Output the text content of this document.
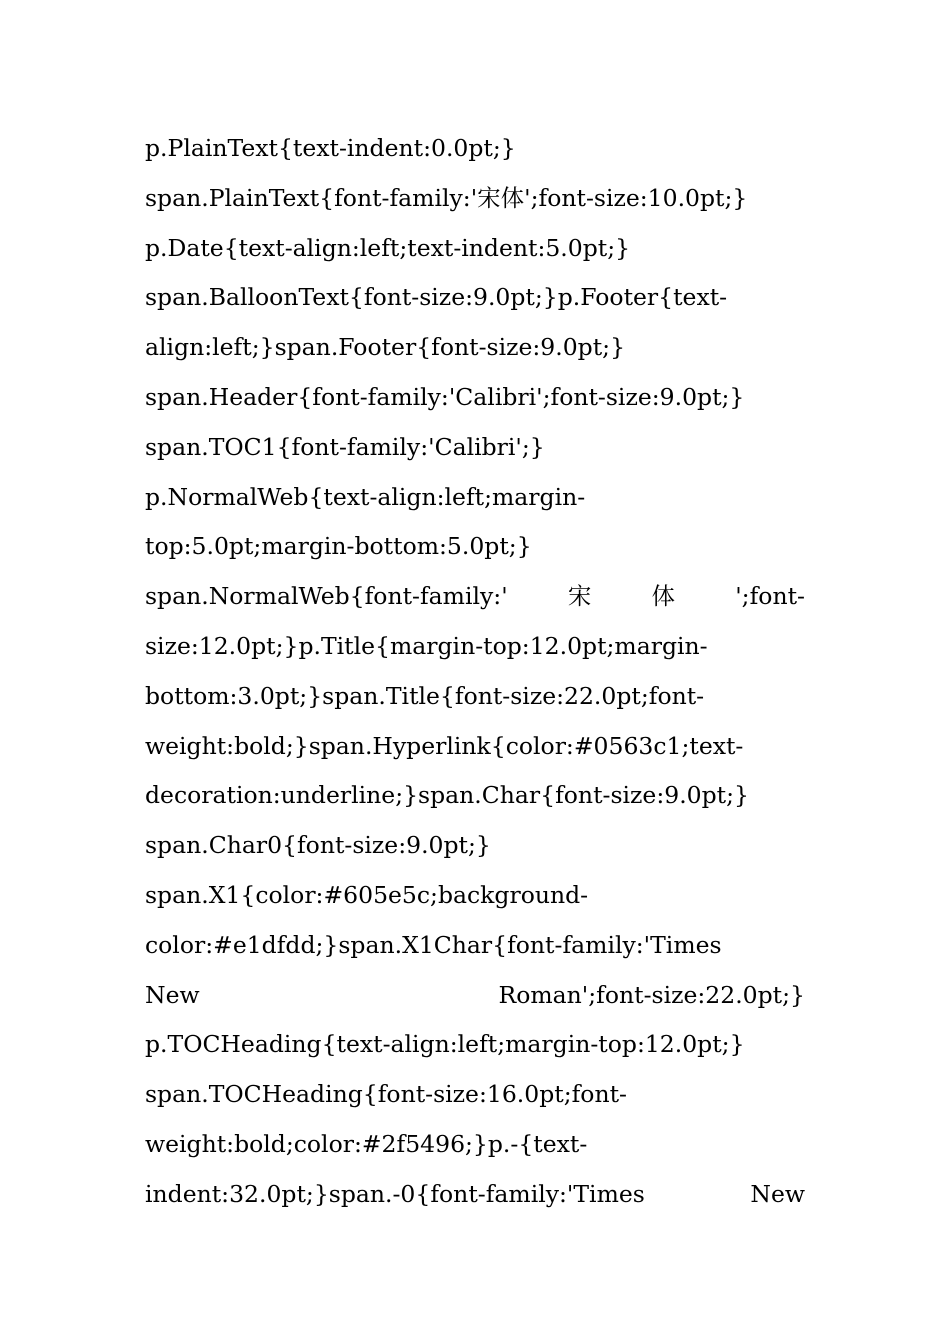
p.PlainText{text-indent:0.0pt;}
span.PlainText{font-family:'宋体';font-size:10.0pt;}
p.Date{text-align:left;text-indent:5.0pt;}
span.BalloonText{font-size:9.0pt;}p.Footer{text-
align:left;}span.Footer{font-size:9.0pt;}
span.Header{font-family:'Calibri';font-size:9.0pt;}
span.TOC1{font-family:'Calibri';}
p.NormalWeb{text-align:left;margin-
top:5.0pt;margin-bottom:5.0pt;}
span.NormalWeb{font-family:'	宋	体	';font-
size:12.0pt;}p.Title{margin-top:12.0pt;margin-
bottom:3.0pt;}span.Title{font-size:22.0pt;font-
weight:bold;}span.Hyperlink{color:#0563c1;text-
decoration:underline;}span.Char{font-size:9.0pt;}
span.Char0{font-size:9.0pt;}
span.X1{color:#605e5c;background-
color:#e1dfdd;}span.X1Char{font-family:'Times
New	Roman';font-size:22.0pt;}
p.TOCHeading{text-align:left;margin-top:12.0pt;}
span.TOCHeading{font-size:16.0pt;font-
weight:bold;color:#2f5496;}p.-{text-
indent:32.0pt;}span.-0{font-family:'Times	New
